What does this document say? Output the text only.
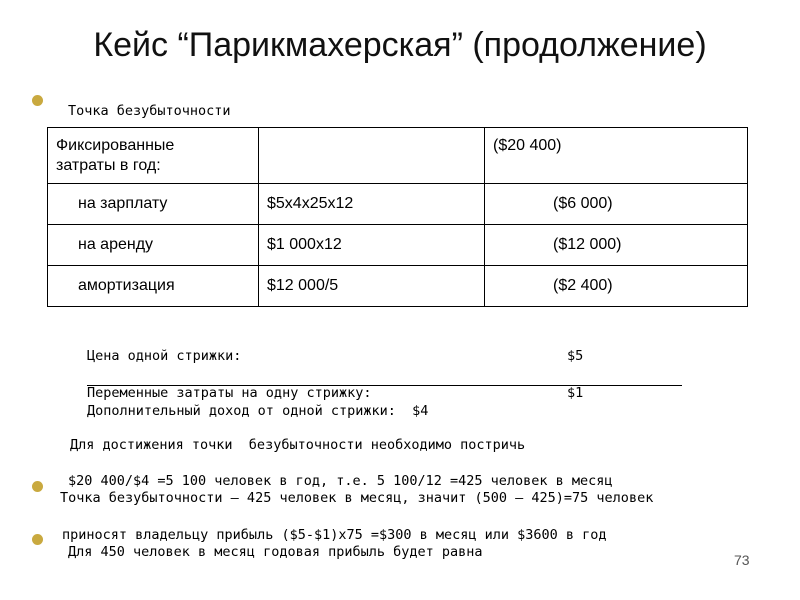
Кейс “Парикмахерская” (продолжение)
Точка безубыточности
Фиксированные
затраты в год:		($20 400)

на зарплату	$5x4x25x12	($6 000)

на аренду	$1 000x12	($12 000)

амортизация	$12 000/5	($2 400)
Цена одной стрижки:	$5
Переменные затраты на одну стрижку:	$1
Дополнительный доход от одной стрижки:  $4
Для достижения точки  безубыточности необходимо постричь
$20 400/$4 =5 100 человек в год, т.е. 5 100/12 =425 человек в месяц
Точка безубыточности – 425 человек в месяц, значит (500 – 425)=75 человек
приносят владельцу прибыль ($5-$1)x75 =$300 в месяц или $3600 в год
Для 450 человек в месяц годовая прибыль будет равна	73
